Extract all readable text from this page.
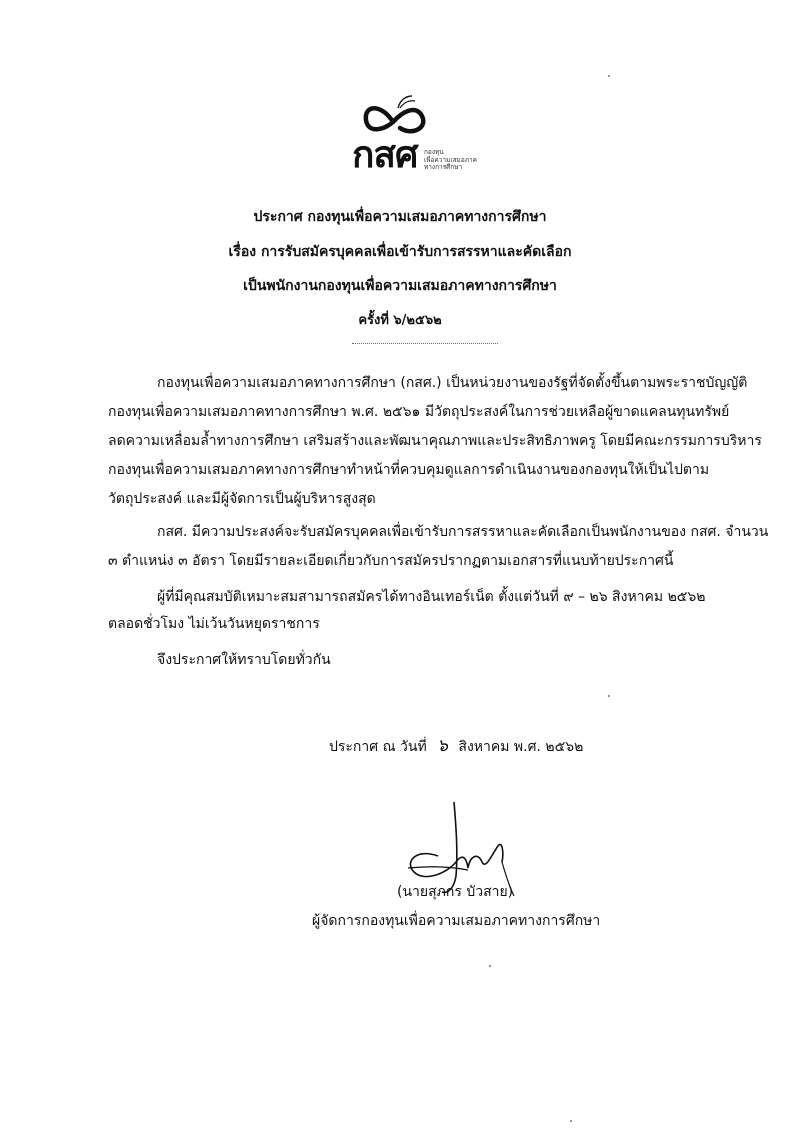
กสศ กองทุน
เพื่อความเสมอภาค
ทางการศึกษา
ประกาศ กองทุนเพื่อความเสมอภาคทางการศึกษา
เรื่อง การรับสมัครบุคคลเพื่อเข้ารับการสรรหาและคัดเลือก
เป็นพนักงานกองทุนเพื่อความเสมอภาคทางการศึกษา
ครั้งที่ ๖/๒๕๖๒
กองทุนเพื่อความเสมอภาคทางการศึกษา (กสศ.) เป็นหน่วยงานของรัฐที่จัดตั้งขึ้นตามพระราชบัญญัติ
กองทุนเพื่อความเสมอภาคทางการศึกษา พ.ศ. ๒๕๖๑ มีวัตถุประสงค์ในการช่วยเหลือผู้ขาดแคลนทุนทรัพย์
ลดความเหลื่อมล้ำทางการศึกษา เสริมสร้างและพัฒนาคุณภาพและประสิทธิภาพครู โดยมีคณะกรรมการบริหาร
กองทุนเพื่อความเสมอภาคทางการศึกษาทำหน้าที่ควบคุมดูแลการดำเนินงานของกองทุนให้เป็นไปตาม
วัตถุประสงค์ และมีผู้จัดการเป็นผู้บริหารสูงสุด
กสศ. มีความประสงค์จะรับสมัครบุคคลเพื่อเข้ารับการสรรหาและคัดเลือกเป็นพนักงานของ กสศ. จำนวน
๓ ตำแหน่ง ๓ อัตรา โดยมีรายละเอียดเกี่ยวกับการสมัครปรากฏตามเอกสารที่แนบท้ายประกาศนี้
ผู้ที่มีคุณสมบัติเหมาะสมสามารถสมัครได้ทางอินเทอร์เน็ต ตั้งแต่วันที่ ๙ – ๒๖ สิงหาคม ๒๕๖๒
ตลอดชั่วโมง ไม่เว้นวันหยุดราชการ
จึงประกาศให้ทราบโดยทั่วกัน
ประกาศ ณ วันที่ ๖ สิงหาคม พ.ศ. ๒๕๖๒
(นายสุภกร บัวสาย)
ผู้จัดการกองทุนเพื่อความเสมอภาคทางการศึกษา
